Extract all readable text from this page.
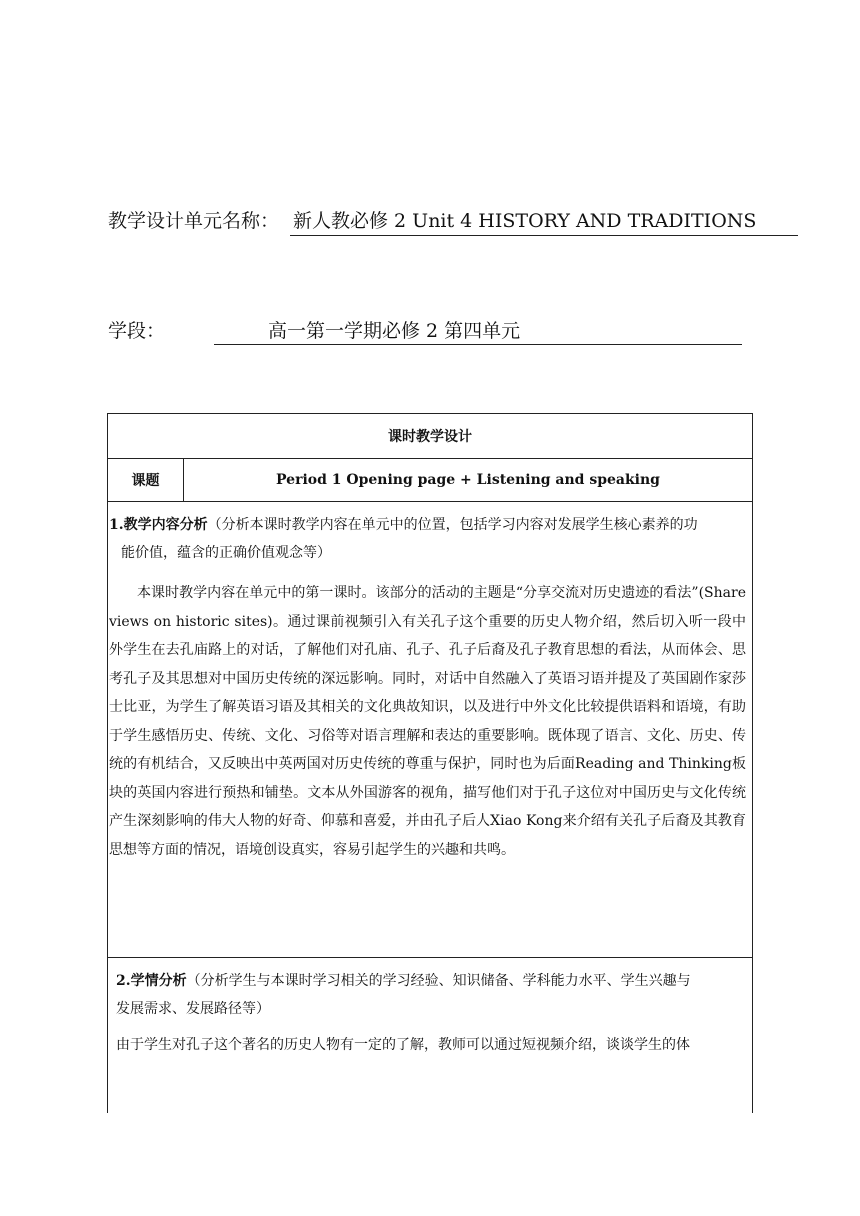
教学设计单元名称： 新人教必修 2 Unit 4 HISTORY AND TRADITIONS
学段：	高一第一学期必修 2 第四单元
课时教学设计
课题	Period 1 Opening page + Listening and speaking
1.教学内容分析（分析本课时教学内容在单元中的位置，包括学习内容对发展学生核心素养的功
能价值，蕴含的正确价值观念等）
本课时教学内容在单元中的第一课时。该部分的活动的主题是“分享交流对历史遗迹的看法”(Share views on historic sites)。通过课前视频引入有关孔子这个重要的历史人物介绍，然后切入听一段中外学生在去孔庙路上的对话，了解他们对孔庙、孔子、孔子后裔及孔子教育思想的看法，从而体会、思考孔子及其思想对中国历史传统的深远影响。同时，对话中自然融入了英语习语并提及了英国剧作家莎士比亚，为学生了解英语习语及其相关的文化典故知识，以及进行中外文化比较提供语料和语境，有助于学生感悟历史、传统、文化、习俗等对语言理解和表达的重要影响。既体现了语言、文化、历史、传统的有机结合，又反映出中英两国对历史传统的尊重与保护，同时也为后面Reading and Thinking板块的英国内容进行预热和铺垫。文本从外国游客的视角，描写他们对于孔子这位对中国历史与文化传统产生深刻影响的伟大人物的好奇、仰慕和喜爱，并由孔子后人Xiao Kong来介绍有关孔子后裔及其教育思想等方面的情况，语境创设真实，容易引起学生的兴趣和共鸣。
2.学情分析（分析学生与本课时学习相关的学习经验、知识储备、学科能力水平、学生兴趣与
发展需求、发展路径等）
由于学生对孔子这个著名的历史人物有一定的了解，教师可以通过短视频介绍，谈谈学生的体
